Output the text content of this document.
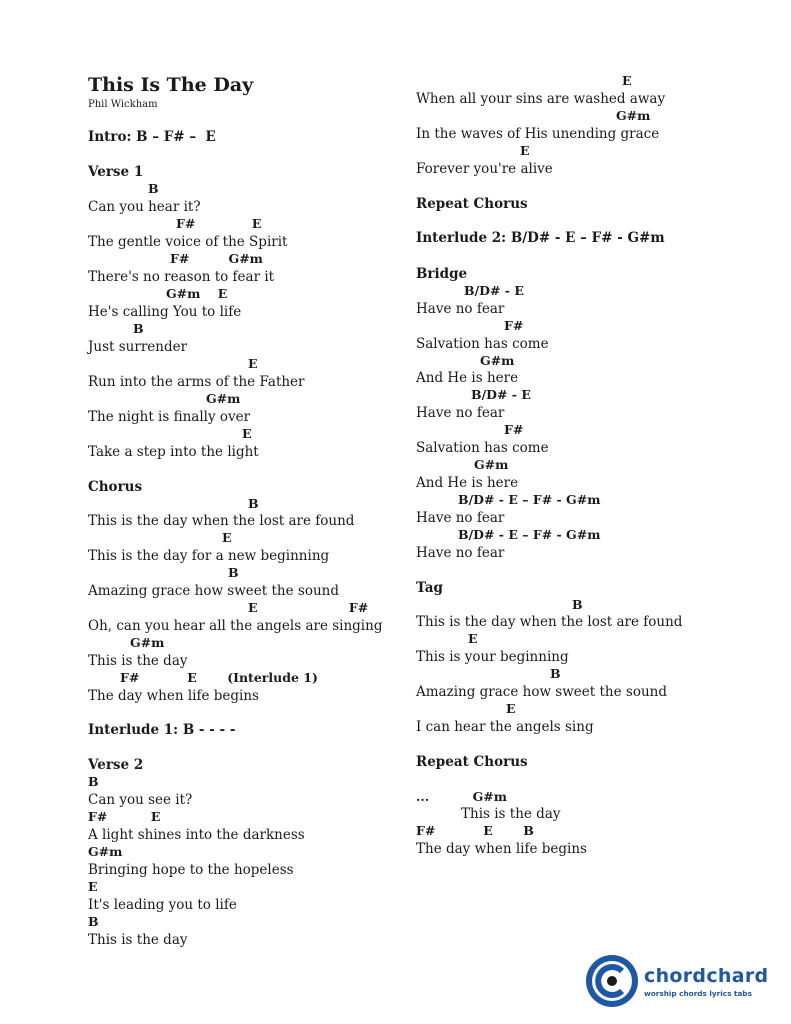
This Is The Day
Phil Wickham
Intro: B – F# –  E
Verse 1
B
Can you hear it?
F#             E
The gentle voice of the Spirit
F#         G#m
There's no reason to fear it
G#m    E
He's calling You to life
B
Just surrender
E
Run into the arms of the Father
G#m
The night is finally over
E
Take a step into the light
Chorus
B
This is the day when the lost are found
E
This is the day for a new beginning
B
Amazing grace how sweet the sound
E                     F#
Oh, can you hear all the angels are singing
G#m
This is the day
F#           E       (Interlude 1)
The day when life begins
Interlude 1: B - - - -
Verse 2
B
Can you see it?
F#          E
A light shines into the darkness
G#m
Bringing hope to the hopeless
E
It's leading you to life
B
This is the day
E
When all your sins are washed away
G#m
In the waves of His unending grace
E
Forever you're alive
Repeat Chorus
Interlude 2: B/D# - E – F# - G#m
Bridge
B/D# - E
Have no fear
F#
Salvation has come
G#m
And He is here
B/D# - E
Have no fear
F#
Salvation has come
G#m
And He is here
B/D# - E – F# - G#m
Have no fear
B/D# - E – F# - G#m
Have no fear
Tag
B
This is the day when the lost are found
E
This is your beginning
B
Amazing grace how sweet the sound
E
I can hear the angels sing
Repeat Chorus
...          G#m
This is the day
F#           E       B
The day when life begins
chordchard
worship chords lyrics tabs
